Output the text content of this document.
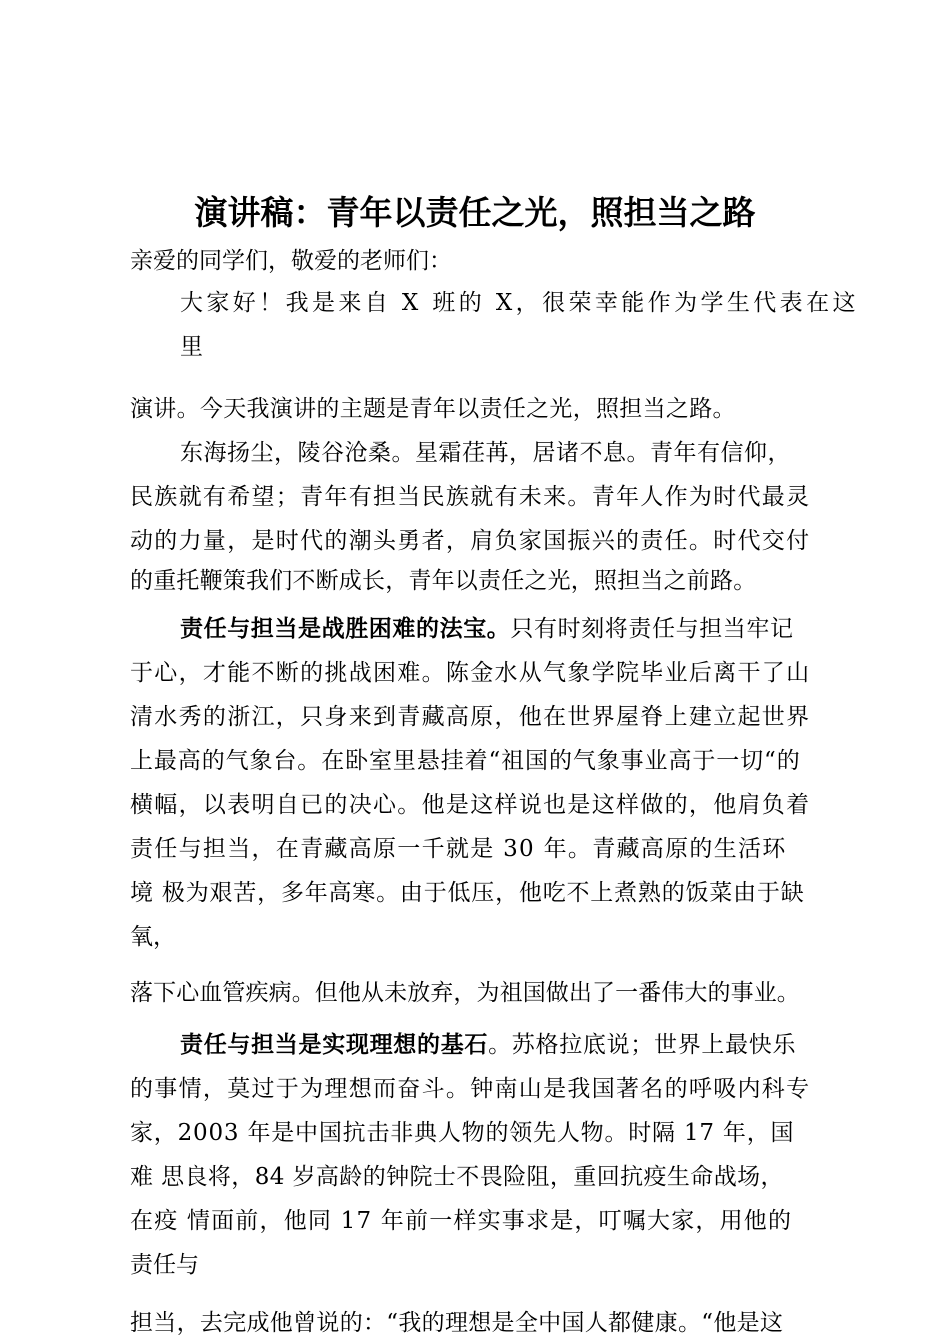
演讲稿：青年以责任之光，照担当之路
亲爱的同学们，敬爱的老师们：
大家好！我是来自 X 班的 X，很荣幸能作为学生代表在这
里
演讲。今天我演讲的主题是青年以责任之光，照担当之路。
东海扬尘，陵谷沧桑。星霜荏苒，居诸不息。青年有信仰，
民族就有希望；青年有担当民族就有未来。青年人作为时代最灵
动的力量，是时代的潮头勇者，肩负家国振兴的责任。时代交付
的重托鞭策我们不断成长，青年以责任之光，照担当之前路。
责任与担当是战胜困难的法宝。只有时刻将责任与担当牢记
于心，才能不断的挑战困难。陈金水从气象学院毕业后离干了山
清水秀的浙江，只身来到青藏高原，他在世界屋脊上建立起世界
上最高的气象台。在卧室里悬挂着“祖国的气象事业高于一切“的
横幅，以表明自已的决心。他是这样说也是这样做的，他肩负着
责任与担当，在青藏高原一千就是 30 年。青藏高原的生活环
境 极为艰苦，多年高寒。由于低压，他吃不上煮熟的饭菜由于缺
氧，
落下心血管疾病。但他从未放弃，为祖国做出了一番伟大的事业。
责任与担当是实现理想的基石。苏格拉底说；世界上最快乐
的事情，莫过于为理想而奋斗。钟南山是我国著名的呼吸内科专
家，2003 年是中国抗击非典人物的领先人物。时隔 17 年，国
难 思良将，84 岁高龄的钟院士不畏险阻，重回抗疫生命战场，
在疫 情面前，他同 17 年前一样实事求是，叮嘱大家，用他的
责任与
担当，去完成他曾说的：“我的理想是全中国人都健康。“他是这
